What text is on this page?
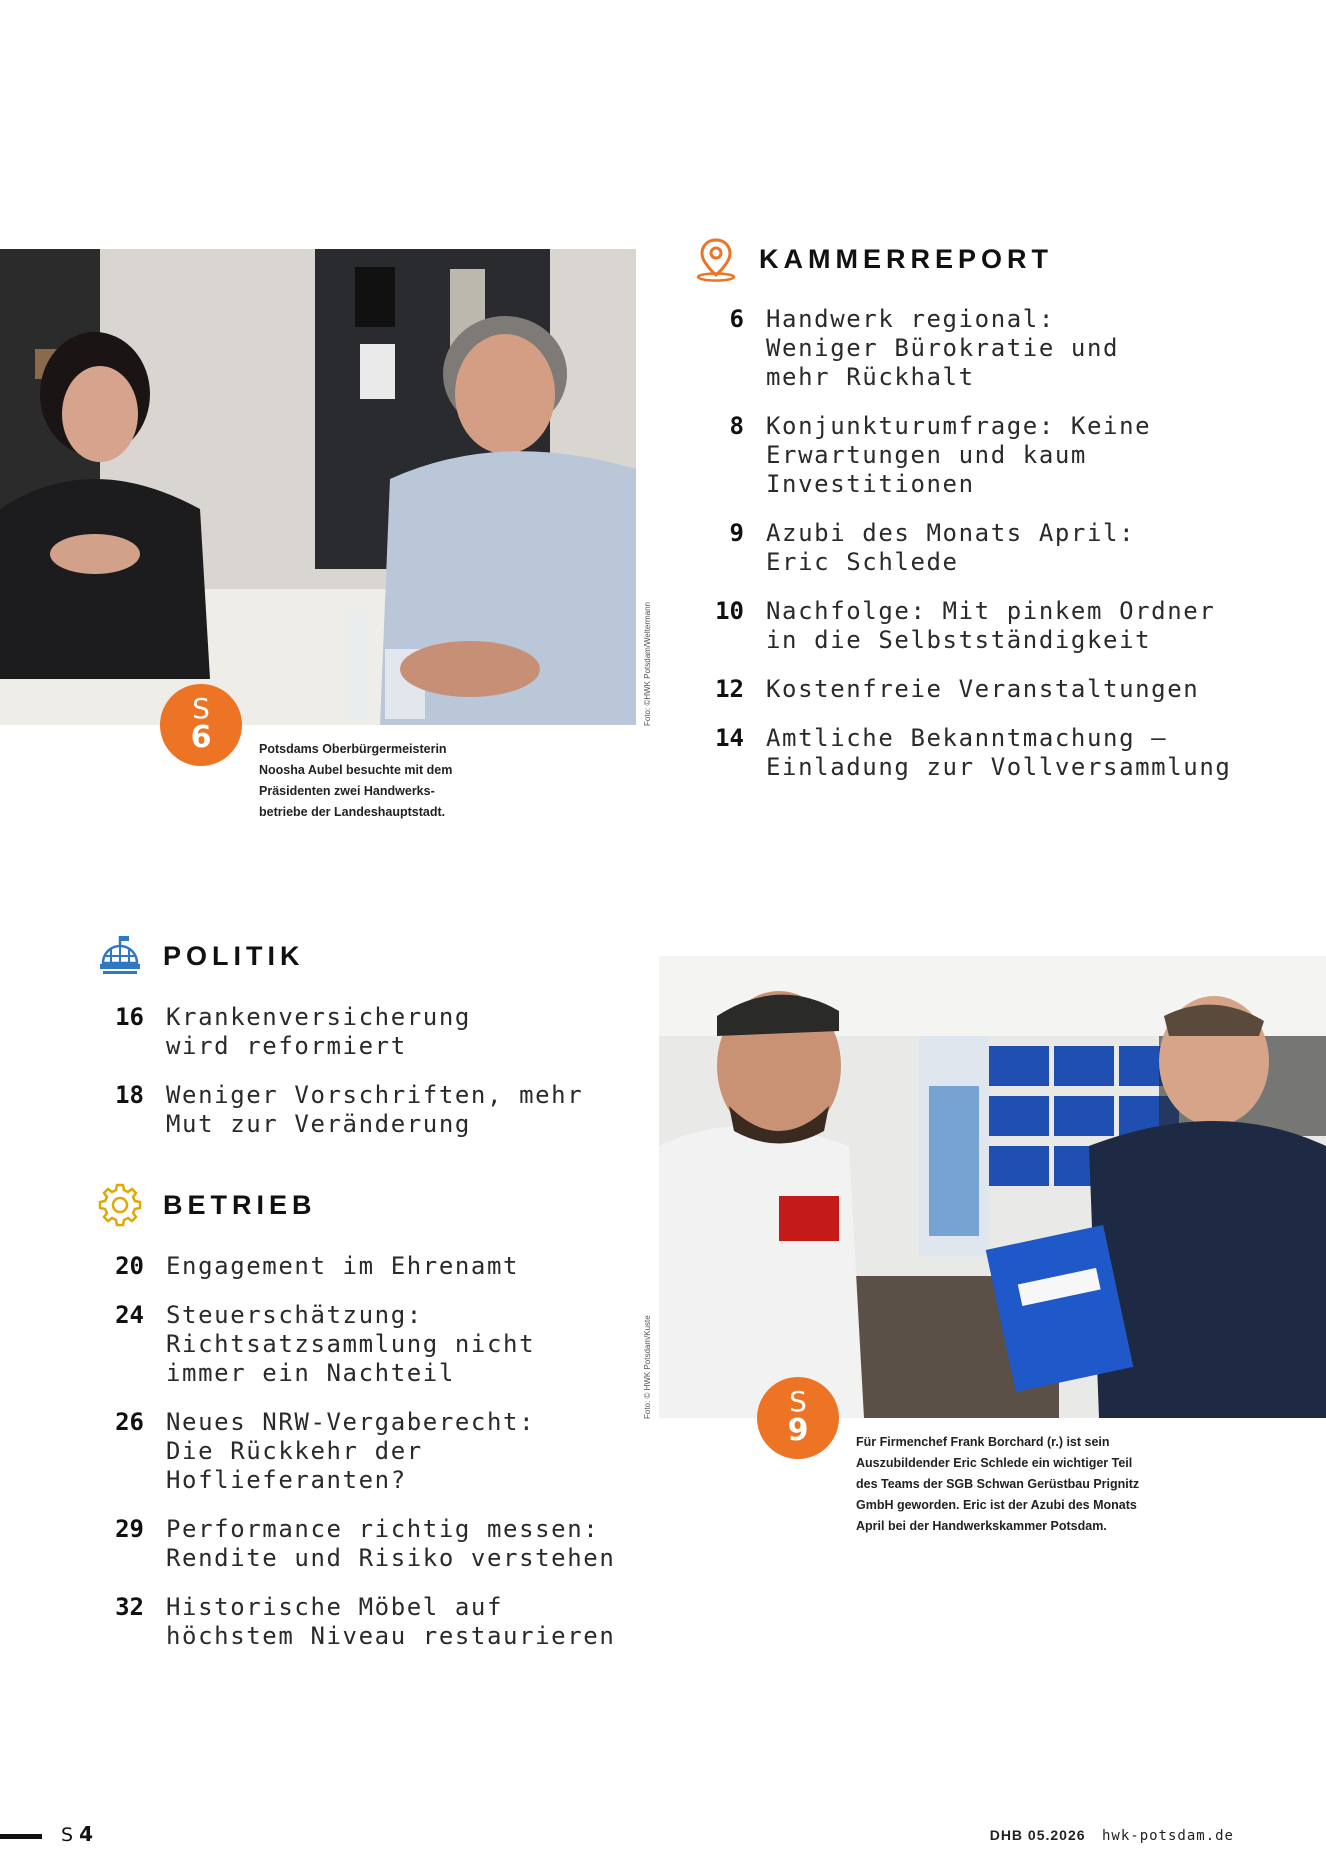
Foto: ©HWK Potsdam/Weltermann
S
6	Potsdams Oberbürgermeisterin
Noosha Aubel besuchte mit dem
Präsidenten zwei Handwerks-
betriebe der Landeshauptstadt.
KAMMERREPORT
6 Handwerk regional:
Weniger Bürokratie und
mehr Rückhalt
8 Konjunkturumfrage: Keine
Erwartungen und kaum
Investitionen
9 Azubi des Monats April:
Eric Schlede
10 Nachfolge: Mit pinkem Ordner
in die Selbstständigkeit
12 Kostenfreie Veranstaltungen
14 Amtliche Bekanntmachung –
Einladung zur Vollversammlung
POLITIK
16 Krankenversicherung
wird reformiert
18 Weniger Vorschriften, mehr
Mut zur Veränderung
BETRIEB
20 Engagement im Ehrenamt
24 Steuerschätzung:
Richtsatzsammlung nicht
immer ein Nachteil
26 Neues NRW-Vergaberecht:
Die Rückkehr der
Hoflieferanten?
29 Performance richtig messen:
Rendite und Risiko verstehen
32 Historische Möbel auf
höchstem Niveau restaurieren
Foto: © HWK Potsdam/Kuste	S
9	Für Firmenchef Frank Borchard (r.) ist sein
Auszubildender Eric Schlede ein wichtiger Teil
des Teams der SGB Schwan Gerüstbau Prignitz
GmbH geworden. Eric ist der Azubi des Monats
April bei der Handwerkskammer Potsdam.
S 4	DHB 05.2026 hwk-potsdam.de
